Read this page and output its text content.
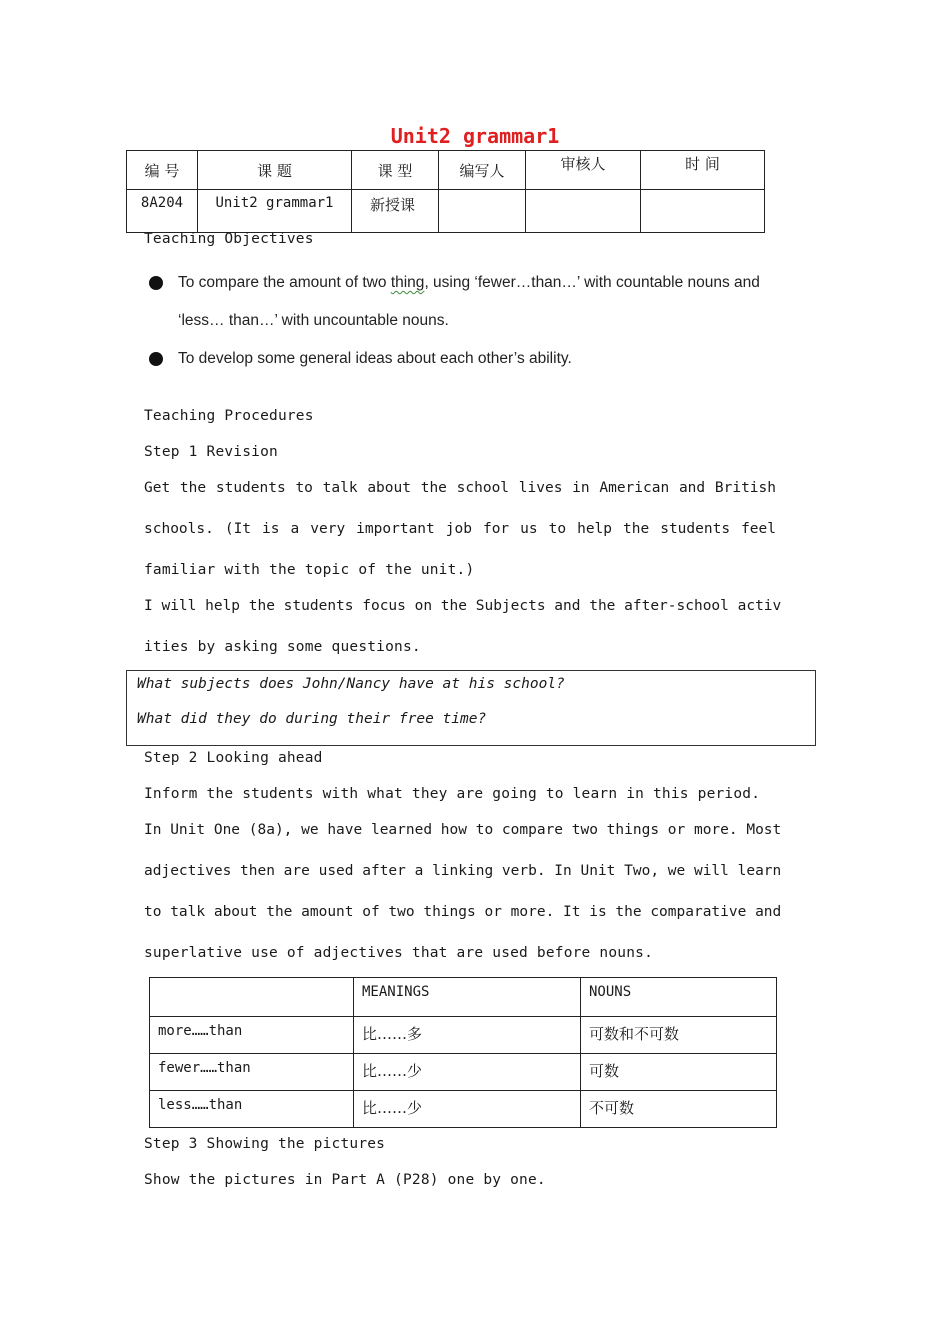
Unit2 grammar1
编 号	课 题	课 型	编写人	审核人	时 间
8A204	Unit2 grammar1	新授课			
Teaching Objectives
To compare the amount of two thing, using ‘fewer…than…’ with countable nouns and
‘less… than…’ with uncountable nouns.
To develop some general ideas about each other’s ability.
Teaching Procedures
Step 1 Revision
Get the students to talk about the school lives in American and British
schools. (It is a very important job for us to help the students feel
familiar with the topic of the unit.)
I will help the students focus on the Subjects and the after-school activ
ities by asking some questions.
What subjects does John/Nancy have at his school?
What did they do during their free time?
Step 2 Looking ahead
Inform the students with what they are going to learn in this period.
In Unit One (8a), we have learned how to compare two things or more. Most
adjectives then are used after a linking verb. In Unit Two, we will learn
to talk about the amount of two things or more. It is the comparative and
superlative use of adjectives that are used before nouns.
	MEANINGS	NOUNS
more……than	比……多	可数和不可数
fewer……than	比……少	可数
less……than	比……少	不可数
Step 3 Showing the pictures
Show the pictures in Part A (P28) one by one.
